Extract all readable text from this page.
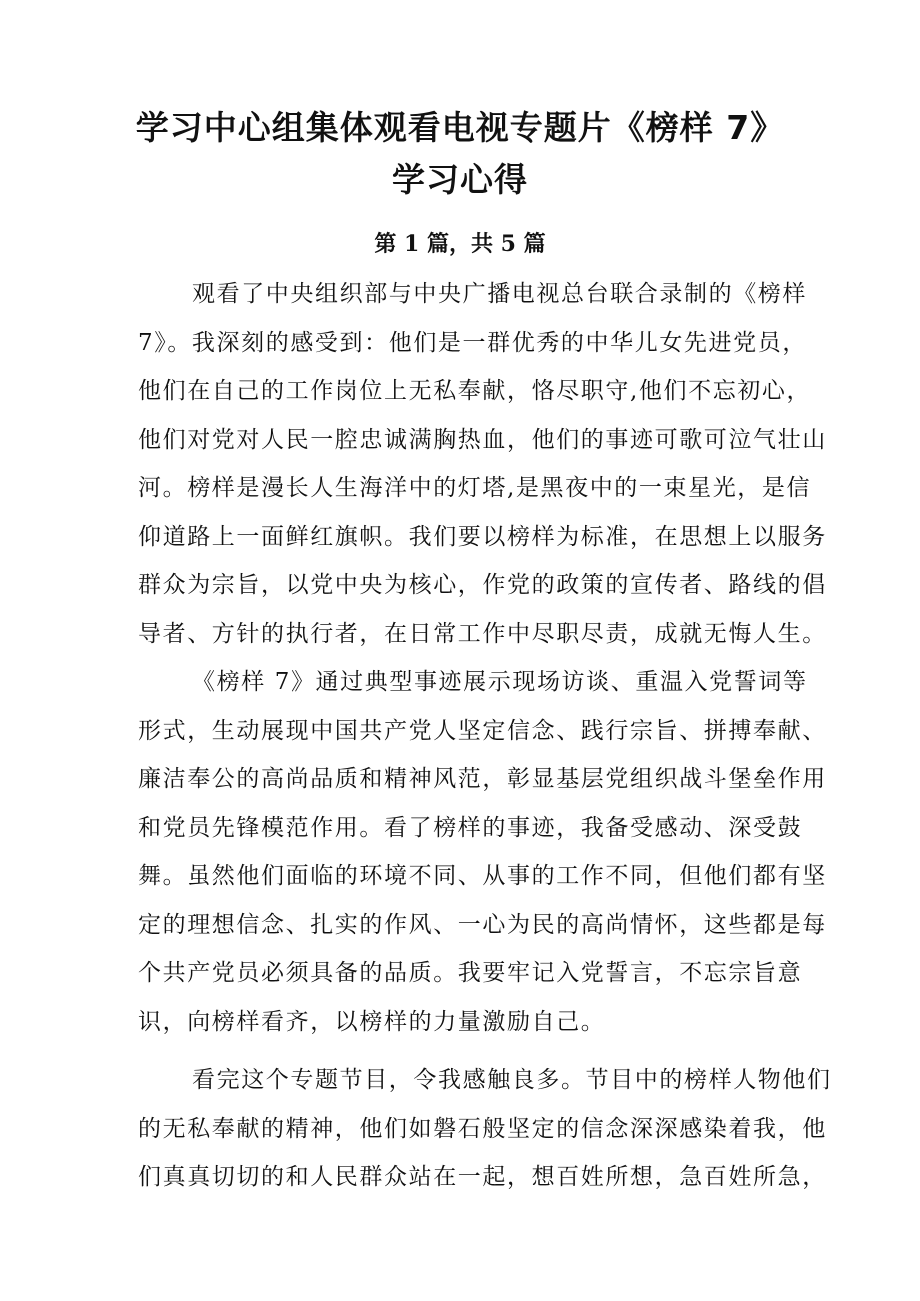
学习中心组集体观看电视专题片《榜样 7》
学习心得
第 1 篇，共 5 篇

观看了中央组织部与中央广播电视总台联合录制的《榜样

7》。我深刻的感受到：他们是一群优秀的中华儿女先进党员，

他们在自己的工作岗位上无私奉献，恪尽职守,他们不忘初心，

他们对党对人民一腔忠诚满胸热血，他们的事迹可歌可泣气壮山

河。榜样是漫长人生海洋中的灯塔,是黑夜中的一束星光，是信

仰道路上一面鲜红旗帜。我们要以榜样为标准，在思想上以服务

群众为宗旨，以党中央为核心，作党的政策的宣传者、路线的倡

导者、方针的执行者，在日常工作中尽职尽责，成就无悔人生。

《榜样 7》通过典型事迹展示现场访谈、重温入党誓词等

形式，生动展现中国共产党人坚定信念、践行宗旨、拼搏奉献、

廉洁奉公的高尚品质和精神风范，彰显基层党组织战斗堡垒作用

和党员先锋模范作用。看了榜样的事迹，我备受感动、深受鼓

舞。虽然他们面临的环境不同、从事的工作不同，但他们都有坚

定的理想信念、扎实的作风、一心为民的高尚情怀，这些都是每

个共产党员必须具备的品质。我要牢记入党誓言，不忘宗旨意

识，向榜样看齐，以榜样的力量激励自己。

看完这个专题节目，令我感触良多。节目中的榜样人物他们

的无私奉献的精神，他们如磐石般坚定的信念深深感染着我，他

们真真切切的和人民群众站在一起，想百姓所想，急百姓所急，
